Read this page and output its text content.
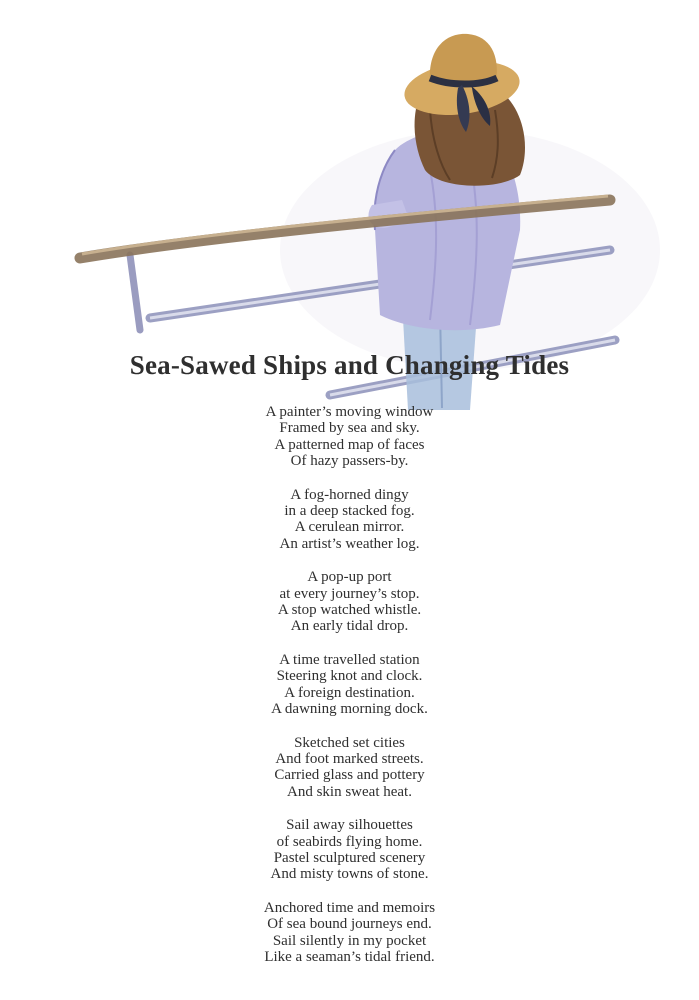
Sea-Sawed Ships and Changing Tides
A painter’s moving window
Framed by sea and sky.
A patterned map of faces
Of hazy passers-by.
A fog-horned dingy
in a deep stacked fog.
A cerulean mirror.
An artist’s weather log.
A pop-up port
at every journey’s stop.
A stop watched whistle.
An early tidal drop.
A time travelled station
Steering knot and clock.
A foreign destination.
A dawning morning dock.
Sketched set cities
And foot marked streets.
Carried glass and pottery
And skin sweat heat.
Sail away silhouettes
of seabirds flying home.
Pastel sculptured scenery
And misty towns of stone.
Anchored time and memoirs
Of sea bound journeys end.
Sail silently in my pocket
Like a seaman’s tidal friend.
